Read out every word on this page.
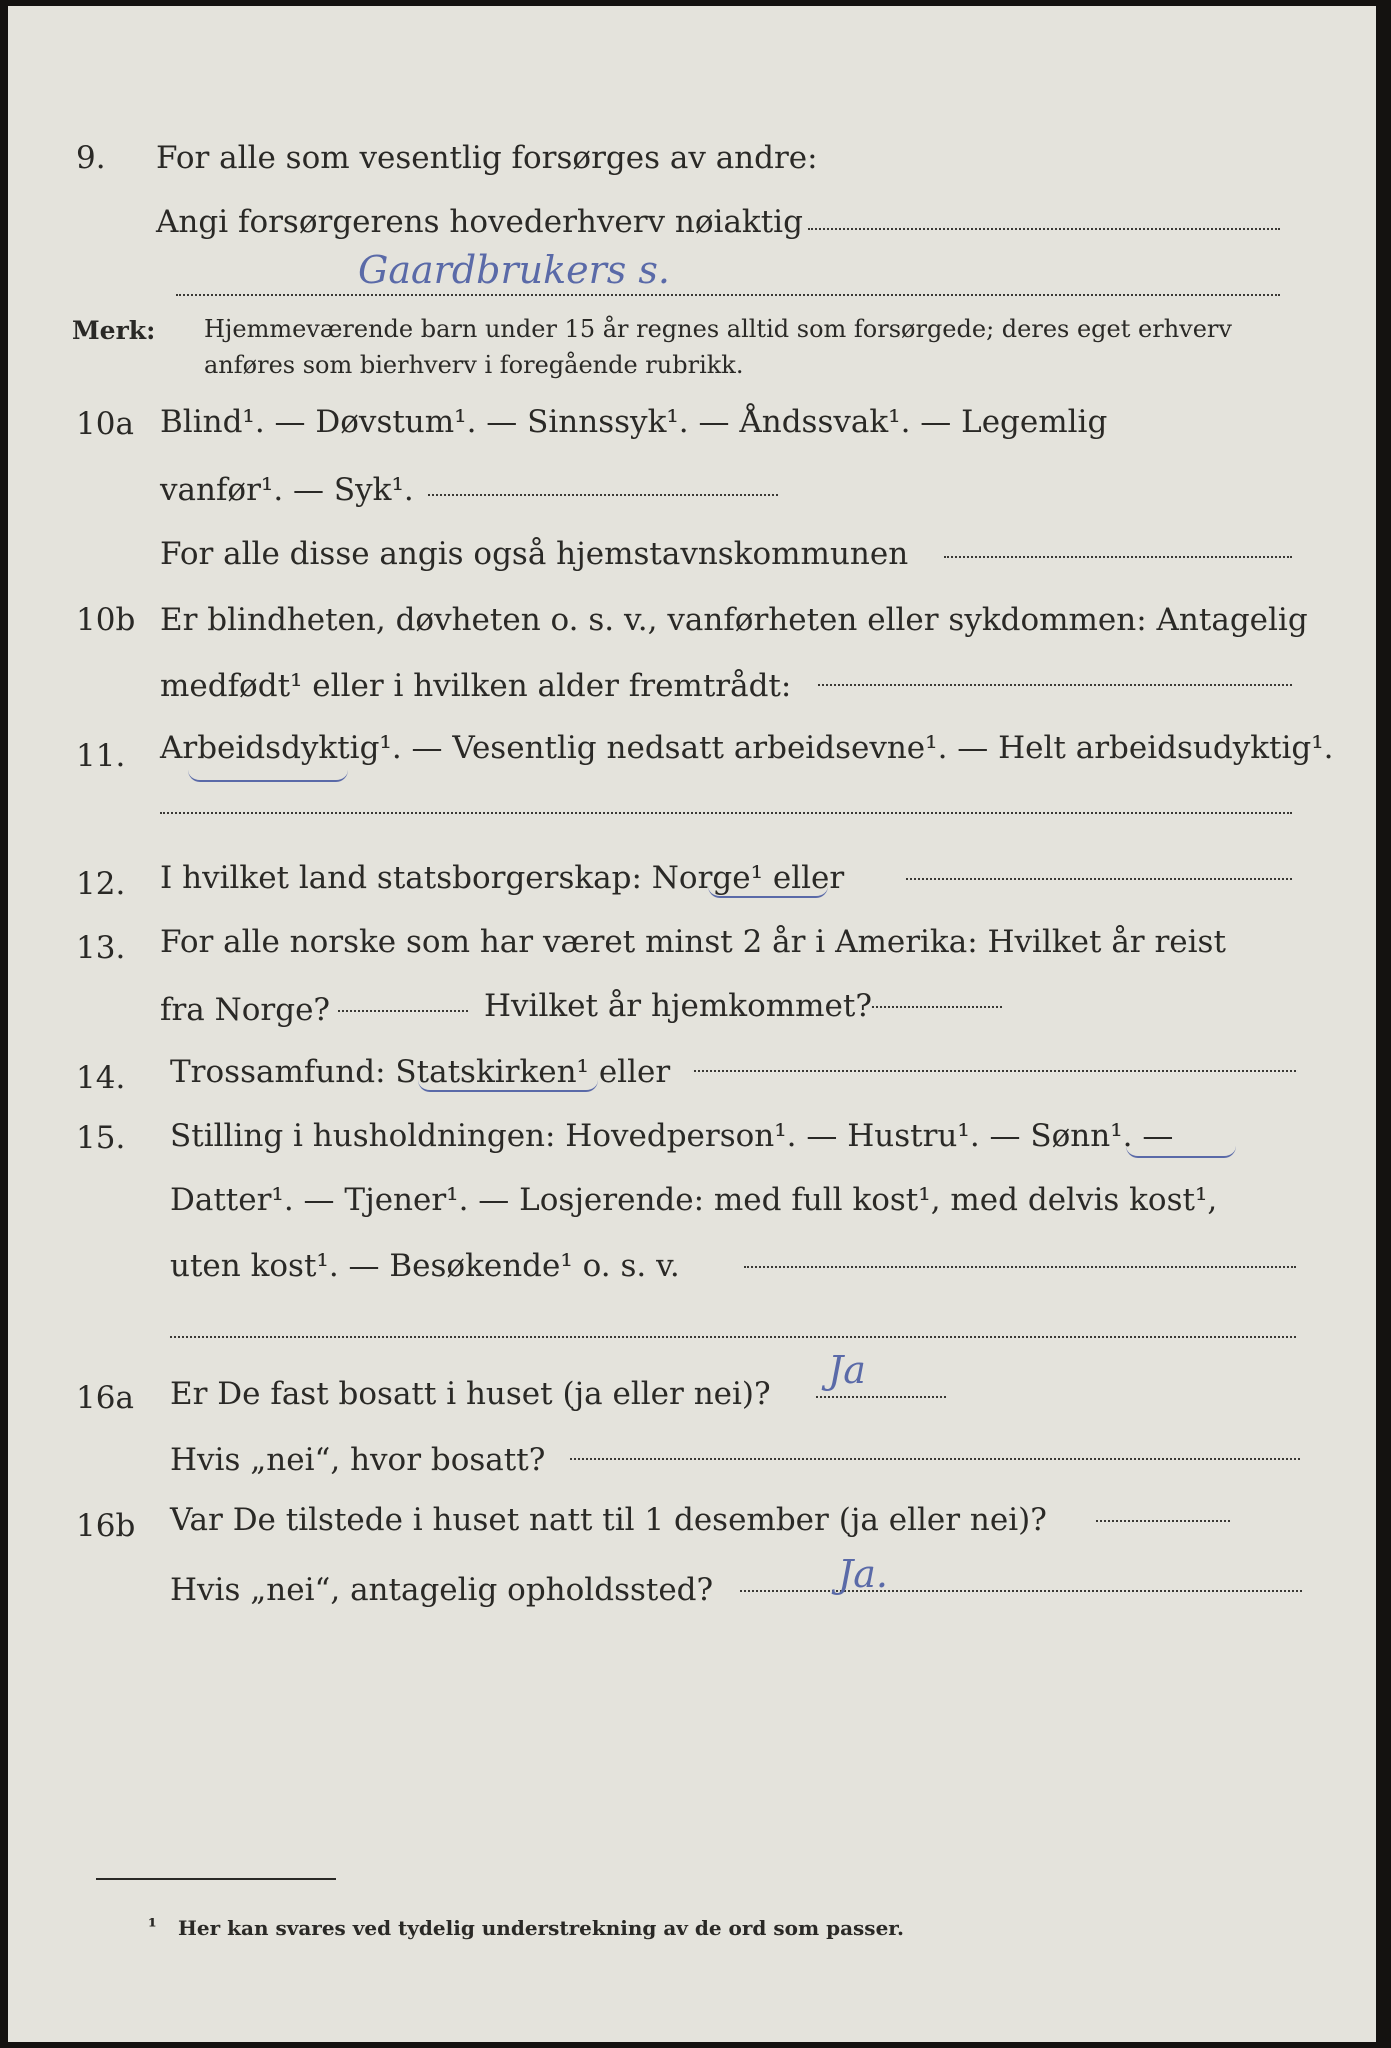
9. For alle som vesentlig forsørges av andre:
Angi forsørgerens hovederhverv nøiaktig
Gaardbrukers s.
Merk: Hjemmeværende barn under 15 år regnes alltid som forsørgede; deres eget erhverv
anføres som bierhverv i foregående rubrikk.
10a Blind¹. — Døvstum¹. — Sinnssyk¹. — Åndssvak¹. — Legemlig
vanfør¹. — Syk¹.
For alle disse angis også hjemstavnskommunen
10b Er blindheten, døvheten o. s. v., vanførheten eller sykdommen: Antagelig
medfødt¹ eller i hvilken alder fremtrådt:
11. Arbeidsdyktig¹. — Vesentlig nedsatt arbeidsevne¹. — Helt arbeidsudyktig¹.
12. I hvilket land statsborgerskap: Norge¹ eller
13. For alle norske som har været minst 2 år i Amerika: Hvilket år reist
fra Norge?	Hvilket år hjemkommet?
14. Trossamfund: Statskirken¹ eller
15. Stilling i husholdningen: Hovedperson¹. — Hustru¹. — Sønn¹. —
Datter¹. — Tjener¹. — Losjerende: med full kost¹, med delvis kost¹,
uten kost¹. — Besøkende¹ o. s. v.
16a Er De fast bosatt i huset (ja eller nei)?
Ja
Hvis „nei“, hvor bosatt?
16b Var De tilstede i huset natt til 1 desember (ja eller nei)?
Hvis „nei“, antagelig opholdssted?	Ja.
¹ Her kan svares ved tydelig understrekning av de ord som passer.
